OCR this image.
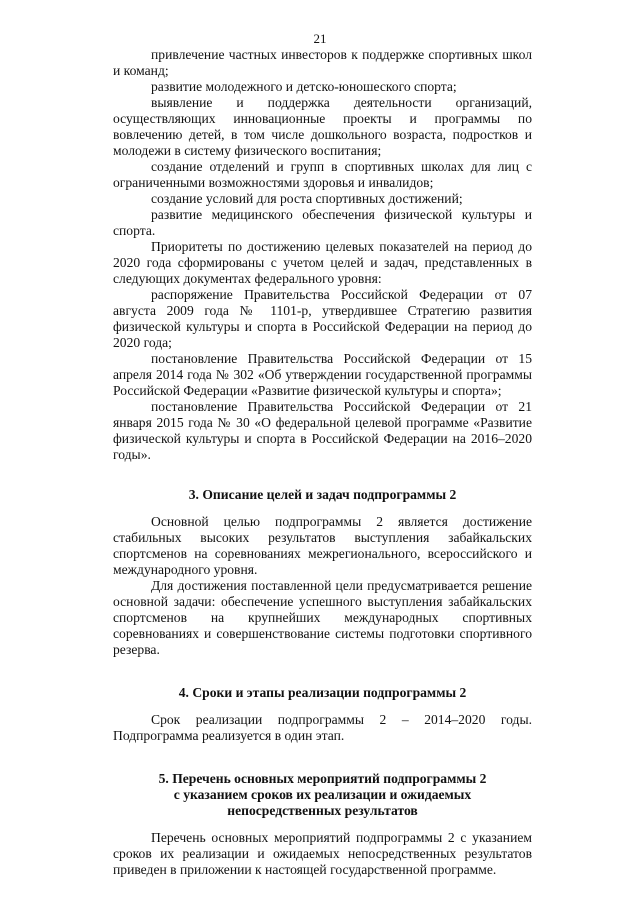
21

привлечение частных инвесторов к поддержке спортивных школ и команд;

развитие молодежного и детско-юношеского спорта;

выявление и поддержка деятельности организаций, осуществляющих инновационные проекты и программы по вовлечению детей, в том числе дошкольного возраста, подростков и молодежи в систему физического воспитания;

создание отделений и групп в спортивных школах для лиц с ограниченными возможностями здоровья и инвалидов;

создание условий для роста спортивных достижений;

развитие медицинского обеспечения физической культуры и спорта.

Приоритеты по достижению целевых показателей на период до 2020 года сформированы с учетом целей и задач, представленных в следующих документах федерального уровня:

распоряжение Правительства Российской Федерации от 07 августа 2009 года № 1101-р, утвердившее Стратегию развития физической культуры и спорта в Российской Федерации на период до 2020 года;

постановление Правительства Российской Федерации от 15 апреля 2014 года № 302 «Об утверждении государственной программы Российской Федерации «Развитие физической культуры и спорта»;

постановление Правительства Российской Федерации от 21 января 2015 года № 30 «О федеральной целевой программе «Развитие физической культуры и спорта в Российской Федерации на 2016–2020 годы».

3. Описание целей и задач подпрограммы 2

Основной целью подпрограммы 2 является достижение стабильных высоких результатов выступления забайкальских спортсменов на соревнованиях межрегионального, всероссийского и международного уровня.

Для достижения поставленной цели предусматривается решение основной задачи: обеспечение успешного выступления забайкальских спортсменов на крупнейших международных спортивных соревнованиях и совершенствование системы подготовки спортивного резерва.

4. Сроки и этапы реализации подпрограммы 2

Срок реализации подпрограммы 2 – 2014–2020 годы. Подпрограмма реализуется в один этап.

5. Перечень основных мероприятий подпрограммы 2
с указанием сроков их реализации и ожидаемых
непосредственных результатов

Перечень основных мероприятий подпрограммы 2 с указанием сроков их реализации и ожидаемых непосредственных результатов приведен в приложении к настоящей государственной программе.
